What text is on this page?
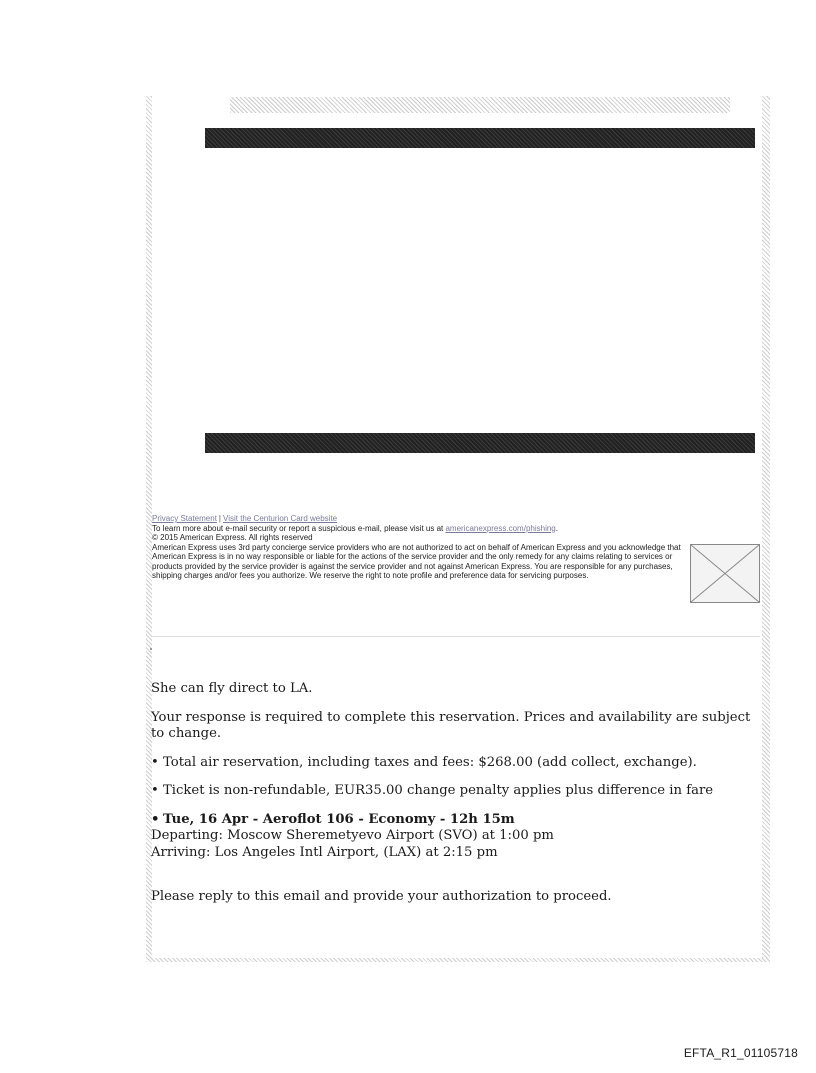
Privacy Statement | Visit the Centurion Card website
To learn more about e-mail security or report a suspicious e-mail, please visit us at americanexpress.com/phishing.
© 2015 American Express. All rights reserved
American Express uses 3rd party concierge service providers who are not authorized to act on behalf of American Express and you acknowledge that American Express is in no way responsible or liable for the actions of the service provider and the only remedy for any claims relating to services or products provided by the service provider is against the service provider and not against American Express. You are responsible for any purchases, shipping charges and/or fees you authorize. We reserve the right to note profile and preference data for servicing purposes.

She can fly direct to LA.

Your response is required to complete this reservation. Prices and availability are subject to change.

• Total air reservation, including taxes and fees: $268.00 (add collect, exchange).

• Ticket is non-refundable, EUR35.00 change penalty applies plus difference in fare

• Tue, 16 Apr - Aeroflot 106 - Economy - 12h 15m
Departing: Moscow Sheremetyevo Airport (SVO) at 1:00 pm
Arriving: Los Angeles Intl Airport, (LAX) at 2:15 pm

Please reply to this email and provide your authorization to proceed.

EFTA_R1_01105718
